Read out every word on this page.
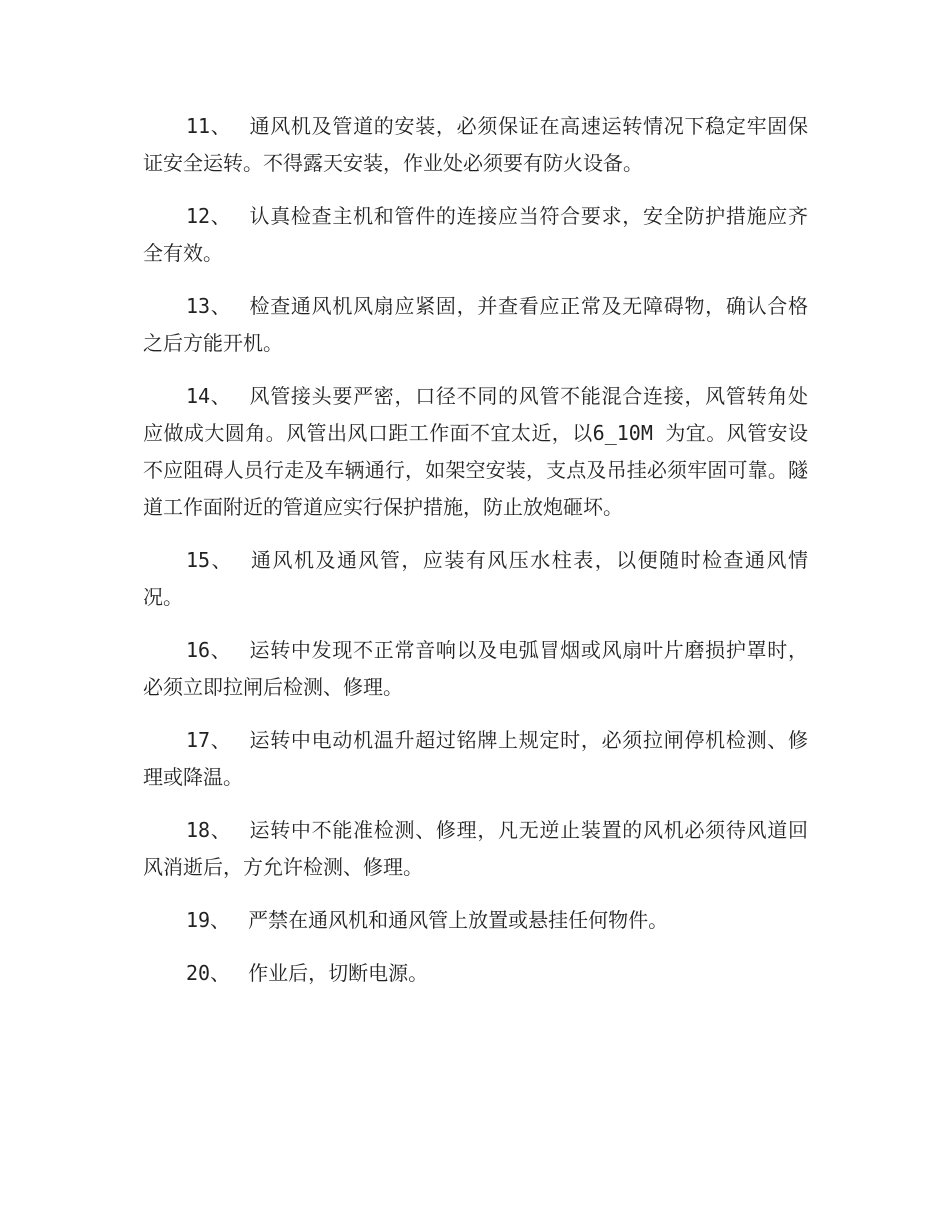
11、 通风机及管道的安装，必须保证在高速运转情况下稳定牢固保证安全运转。不得露天安装，作业处必须要有防火设备。

12、 认真检查主机和管件的连接应当符合要求，安全防护措施应齐全有效。

13、 检查通风机风扇应紧固，并查看应正常及无障碍物，确认合格之后方能开机。

14、 风管接头要严密，口径不同的风管不能混合连接，风管转角处应做成大圆角。风管出风口距工作面不宜太近，以6_10M 为宜。风管安设不应阻碍人员行走及车辆通行，如架空安装，支点及吊挂必须牢固可靠。隧道工作面附近的管道应实行保护措施，防止放炮砸坏。

15、 通风机及通风管，应装有风压水柱表，以便随时检查通风情况。

16、 运转中发现不正常音响以及电弧冒烟或风扇叶片磨损护罩时，必须立即拉闸后检测、修理。

17、 运转中电动机温升超过铭牌上规定时，必须拉闸停机检测、修理或降温。

18、 运转中不能准检测、修理，凡无逆止装置的风机必须待风道回风消逝后，方允许检测、修理。

19、 严禁在通风机和通风管上放置或悬挂任何物件。

20、 作业后，切断电源。
